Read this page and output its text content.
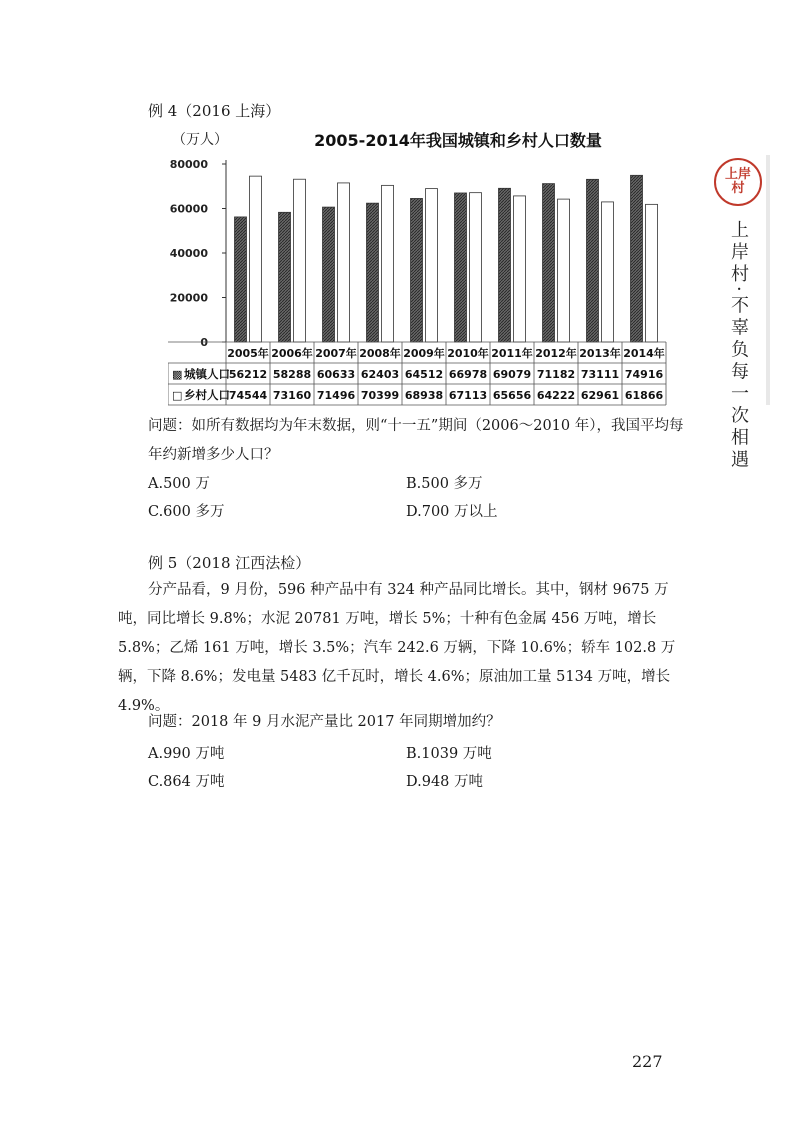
例 4（2016 上海）
（万人）	2005-2014年我国城镇和乡村人口数量
0
20000
40000
60000
80000
2005年 2006年 2007年 2008年 2009年 2010年 2011年 2012年 2013年 2014年
▩ 城镇人口
56212 58288 60633 62403 64512 66978 69079 71182 73111 74916
□ 乡村人口
74544 73160 71496 70399 68938 67113 65656 64222 62961 61866
问题：如所有数据均为年末数据，则“十一五”期间（2006～2010 年），我国平均每年约新增多少人口？
A.500 万	B.500 多万
C.600 多万	D.700 万以上
例 5（2018 江西法检）
分产品看，9 月份，596 种产品中有 324 种产品同比增长。其中，钢材 9675 万吨，同比增长 9.8%；水泥 20781 万吨，增长 5%；十种有色金属 456 万吨，增长 5.8%；乙烯 161 万吨，增长 3.5%；汽车 242.6 万辆，下降 10.6%；轿车 102.8 万辆，下降 8.6%；发电量 5483 亿千瓦时，增长 4.6%；原油加工量 5134 万吨，增长 4.9%。
问题：2018 年 9 月水泥产量比 2017 年同期增加约？
A.990 万吨	B.1039 万吨
C.864 万吨	D.948 万吨
上岸
村
上岸村·不辜负每一次相遇
227
